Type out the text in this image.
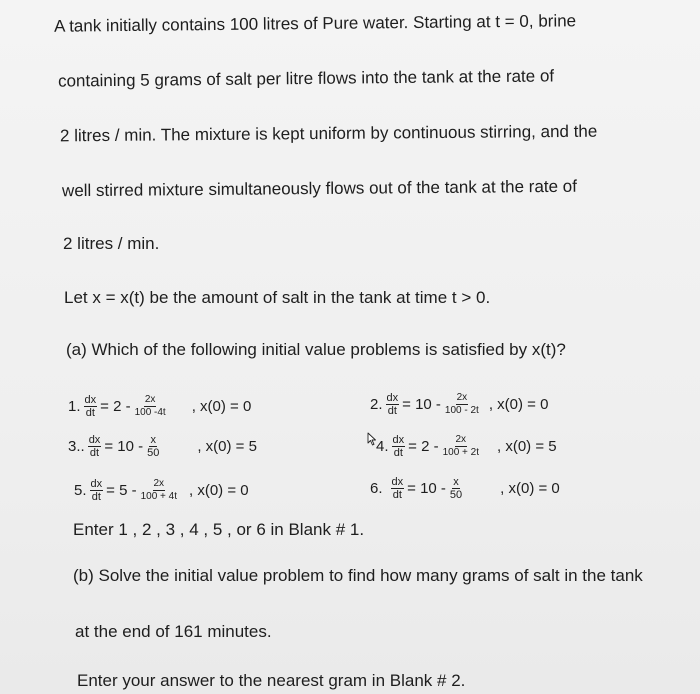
A tank initially contains 100 litres of Pure water. Starting at t = 0, brine
containing 5 grams of salt per litre flows into the tank at the rate of
2 litres / min. The mixture is kept uniform by continuous stirring, and the
well stirred mixture simultaneously flows out of the tank at the rate of
2 litres / min.
Let x = x(t) be the amount of salt in the tank at time t > 0.
(a) Which of the following initial value problems is satisfied by x(t)?
1. $\frac{dx}{dt} = 2 - \frac{2x}{100 -4t}$ , x(0) = 0	2. $\frac{dx}{dt} = 10 - \frac{2x}{100 - 2t}$ , x(0) = 0
3.. $\frac{dx}{dt} = 10 - \frac{x}{50}$ , x(0) = 5	4. $\frac{dx}{dt} = 2 - \frac{2x}{100 + 2t}$ , x(0) = 5
5. $\frac{dx}{dt} = 5 - \frac{2x}{100 + 4t}$ , x(0) = 0	6. $\frac{dx}{dt} = 10 - \frac{x}{50}$ , x(0) = 0
Enter 1 , 2 , 3 , 4 , 5 , or 6 in Blank # 1.
(b) Solve the initial value problem to find how many grams of salt in the tank
at the end of 161 minutes.
Enter your answer to the nearest gram in Blank # 2.
